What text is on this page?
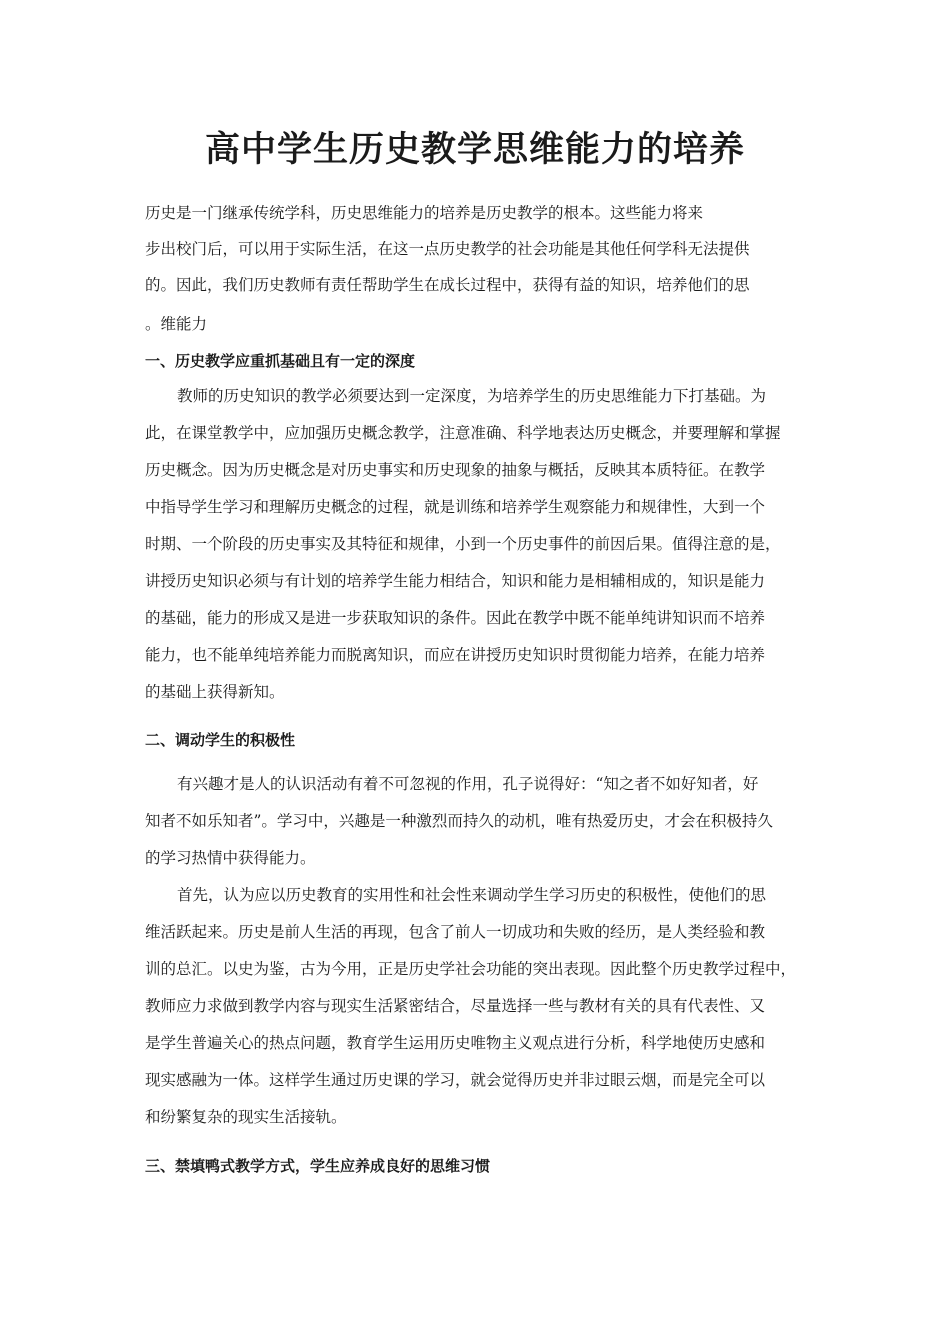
高中学生历史教学思维能力的培养

历史是一门继承传统学科，历史思维能力的培养是历史教学的根本。这些能力将来

步出校门后，可以用于实际生活，在这一点历史教学的社会功能是其他任何学科无法提供

的。因此，我们历史教师有责任帮助学生在成长过程中，获得有益的知识，培养他们的思

。维能力

一、历史教学应重抓基础且有一定的深度

教师的历史知识的教学必须要达到一定深度，为培养学生的历史思维能力下打基础。为

此，在课堂教学中，应加强历史概念教学，注意准确、科学地表达历史概念，并要理解和掌握

历史概念。因为历史概念是对历史事实和历史现象的抽象与概括，反映其本质特征。在教学

中指导学生学习和理解历史概念的过程，就是训练和培养学生观察能力和规律性，大到一个

时期、一个阶段的历史事实及其特征和规律，小到一个历史事件的前因后果。值得注意的是，

讲授历史知识必须与有计划的培养学生能力相结合，知识和能力是相辅相成的，知识是能力

的基础，能力的形成又是进一步获取知识的条件。因此在教学中既不能单纯讲知识而不培养

能力，也不能单纯培养能力而脱离知识，而应在讲授历史知识时贯彻能力培养，在能力培养

的基础上获得新知。

二、调动学生的积极性

有兴趣才是人的认识活动有着不可忽视的作用，孔子说得好：“知之者不如好知者，好

知者不如乐知者”。学习中，兴趣是一种激烈而持久的动机，唯有热爱历史，才会在积极持久

的学习热情中获得能力。

首先，认为应以历史教育的实用性和社会性来调动学生学习历史的积极性，使他们的思

维活跃起来。历史是前人生活的再现，包含了前人一切成功和失败的经历，是人类经验和教

训的总汇。以史为鉴，古为今用，正是历史学社会功能的突出表现。因此整个历史教学过程中，

教师应力求做到教学内容与现实生活紧密结合，尽量选择一些与教材有关的具有代表性、又

是学生普遍关心的热点问题，教育学生运用历史唯物主义观点进行分析，科学地使历史感和

现实感融为一体。这样学生通过历史课的学习，就会觉得历史并非过眼云烟，而是完全可以

和纷繁复杂的现实生活接轨。

三、禁填鸭式教学方式，学生应养成良好的思维习惯
